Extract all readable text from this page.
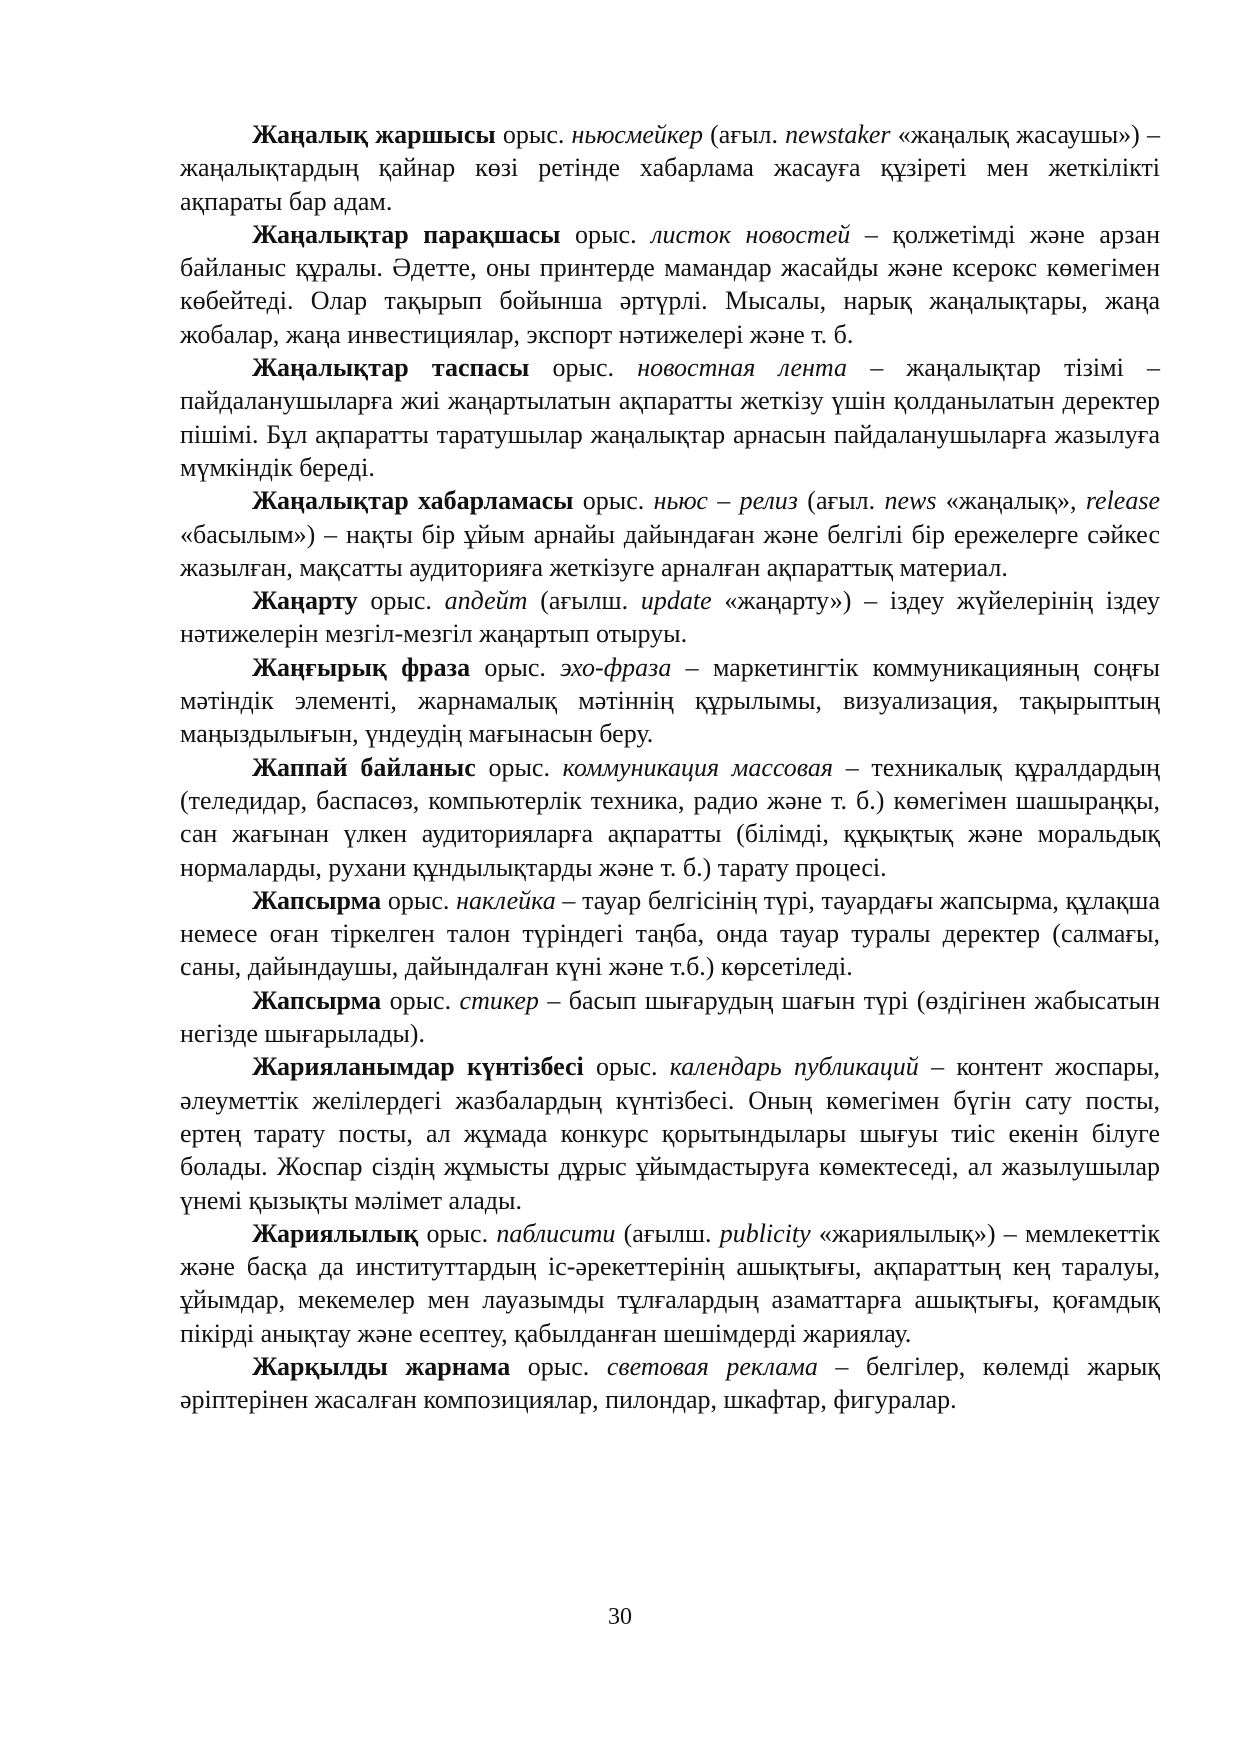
Жаңалық жаршысы орыс. ньюсмейкер (ағыл. newstaker «жаңалық жасаушы») – жаңалықтардың қайнар көзі ретінде хабарлама жасауға құзіреті мен жеткілікті ақпараты бар адам.

Жаңалықтар парақшасы орыс. листок новостей – қолжетімді және арзан байланыс құралы. Әдетте, оны принтерде мамандар жасайды және ксерокс көмегімен көбейтеді. Олар тақырып бойынша әртүрлі. Мысалы, нарық жаңалықтары, жаңа жобалар, жаңа инвестициялар, экспорт нәтижелері және т. б.

Жаңалықтар таспасы орыс. новостная лента – жаңалықтар тізімі – пайдаланушыларға жиі жаңартылатын ақпаратты жеткізу үшін қолданылатын деректер пішімі. Бұл ақпаратты таратушылар жаңалықтар арнасын пайдаланушыларға жазылуға мүмкіндік береді.

Жаңалықтар хабарламасы орыс. ньюс – релиз (ағыл. news «жаңалық», release «басылым») – нақты бір ұйым арнайы дайындаған және белгілі бір ережелерге сәйкес жазылған, мақсатты аудиторияға жеткізуге арналған ақпараттық материал.

Жаңарту орыс. апдейт (ағылш. update «жаңарту») – іздеу жүйелерінің іздеу нәтижелерін мезгіл-мезгіл жаңартып отыруы.

Жаңғырық фраза орыс. эхо-фраза – маркетингтік коммуникацияның соңғы мәтіндік элементі, жарнамалық мәтіннің құрылымы, визуализация, тақырыптың маңыздылығын, үндеудің мағынасын беру.

Жаппай байланыс орыс. коммуникация массовая – техникалық құралдардың (теледидар, баспасөз, компьютерлік техника, радио және т. б.) көмегімен шашыраңқы, сан жағынан үлкен аудиторияларға ақпаратты (білімді, құқықтық және моральдық нормаларды, рухани құндылықтарды және т. б.) тарату процесі.

Жапсырма орыс. наклейка – тауар белгісінің түрі, тауардағы жапсырма, құлақша немесе оған тіркелген талон түріндегі таңба, онда тауар туралы деректер (салмағы, саны, дайындаушы, дайындалған күні және т.б.) көрсетіледі.

Жапсырма орыс. стикер – басып шығарудың шағын түрі (өздігінен жабысатын негізде шығарылады).

Жарияланымдар күнтізбесі орыс. календарь публикаций – контент жоспары, әлеуметтік желілердегі жазбалардың күнтізбесі. Оның көмегімен бүгін сату посты, ертең тарату посты, ал жұмада конкурс қорытындылары шығуы тиіс екенін білуге болады. Жоспар сіздің жұмысты дұрыс ұйымдастыруға көмектеседі, ал жазылушылар үнемі қызықты мәлімет алады.

Жариялылық орыс. паблисити (ағылш. publicity «жариялылық») – мемлекеттік және басқа да институттардың іс-әрекеттерінің ашықтығы, ақпараттың кең таралуы, ұйымдар, мекемелер мен лауазымды тұлғалардың азаматтарға ашықтығы, қоғамдық пікірді анықтау және есептеу, қабылданған шешімдерді жариялау.

Жарқылды жарнама орыс. световая реклама – белгілер, көлемді жарық әріптерінен жасалған композициялар, пилондар, шкафтар, фигуралар.

30
